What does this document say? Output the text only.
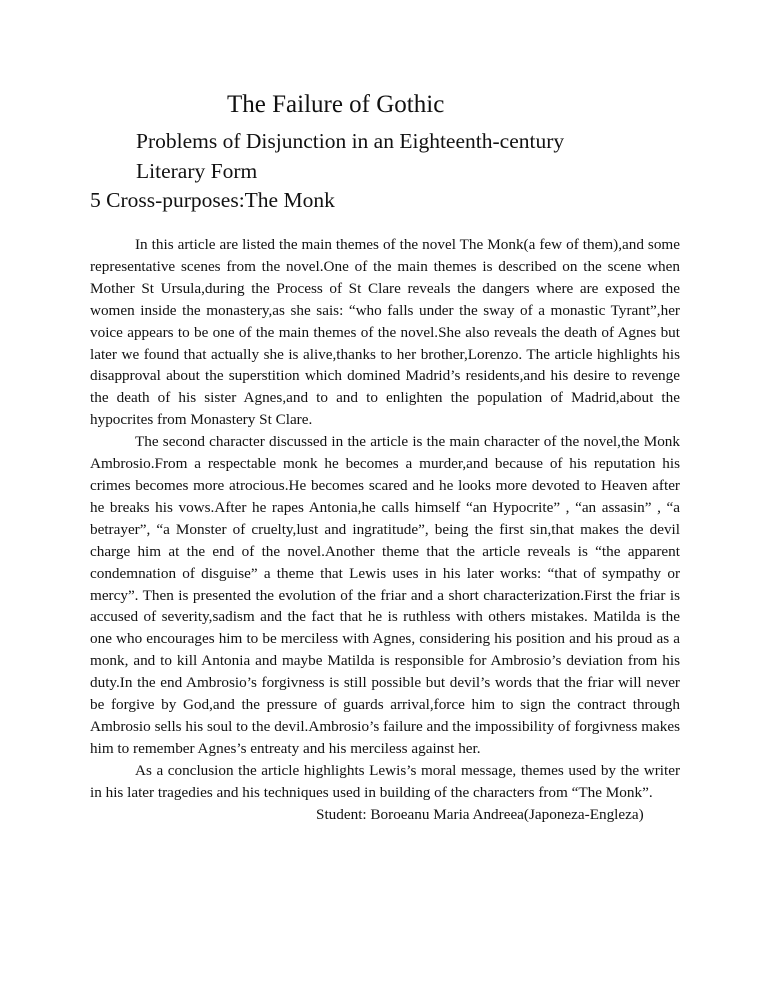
The Failure of Gothic
Problems of Disjunction in an Eighteenth-century
Literary Form
5 Cross-purposes:The Monk

In this article are listed the main themes of the novel The Monk(a few of them),and some representative scenes from the novel.One of the main themes is described on the scene when Mother St Ursula,during the Process of St Clare reveals the dangers where are exposed the women inside the monastery,as she sais: “who falls under the sway of a monastic Tyrant”,her voice appears to be one of the main themes of the novel.She also reveals the death of Agnes but later we found that actually she is alive,thanks to her brother,Lorenzo. The article highlights his disapproval about the superstition which domined Madrid’s residents,and his desire to revenge the death of his sister Agnes,and to and to enlighten the population of Madrid,about the hypocrites from Monastery St Clare.

The second character discussed in the article is the main character of the novel,the Monk Ambrosio.From a respectable monk he becomes a murder,and because of his reputation his crimes becomes more atrocious.He becomes scared and he looks more devoted to Heaven after he breaks his vows.After he rapes Antonia,he calls himself “an Hypocrite” , “an assasin” , “a betrayer”, “a Monster of cruelty,lust and ingratitude”, being the first sin,that makes the devil charge him at the end of the novel.Another theme that the article reveals is “the apparent condemnation of disguise” a theme that Lewis uses in his later works: “that of sympathy or mercy”. Then is presented the evolution of the friar and a short characterization.First the friar is accused of severity,sadism and the fact that he is ruthless with others mistakes. Matilda is the one who encourages him to be merciless with Agnes, considering his position and his proud as a monk, and to kill Antonia and maybe Matilda is responsible for Ambrosio’s deviation from his duty.In the end Ambrosio’s forgivness is still possible but devil’s words that the friar will never be forgive by God,and the pressure of guards arrival,force him to sign the contract through Ambrosio sells his soul to the devil.Ambrosio’s failure and the impossibility of forgivness makes him to remember Agnes’s entreaty and his merciless against her.

As a conclusion the article highlights Lewis’s moral message, themes used by the writer in his later tragedies and his techniques used in building of the characters from “The Monk”.

Student: Boroeanu Maria Andreea(Japoneza-Engleza)
